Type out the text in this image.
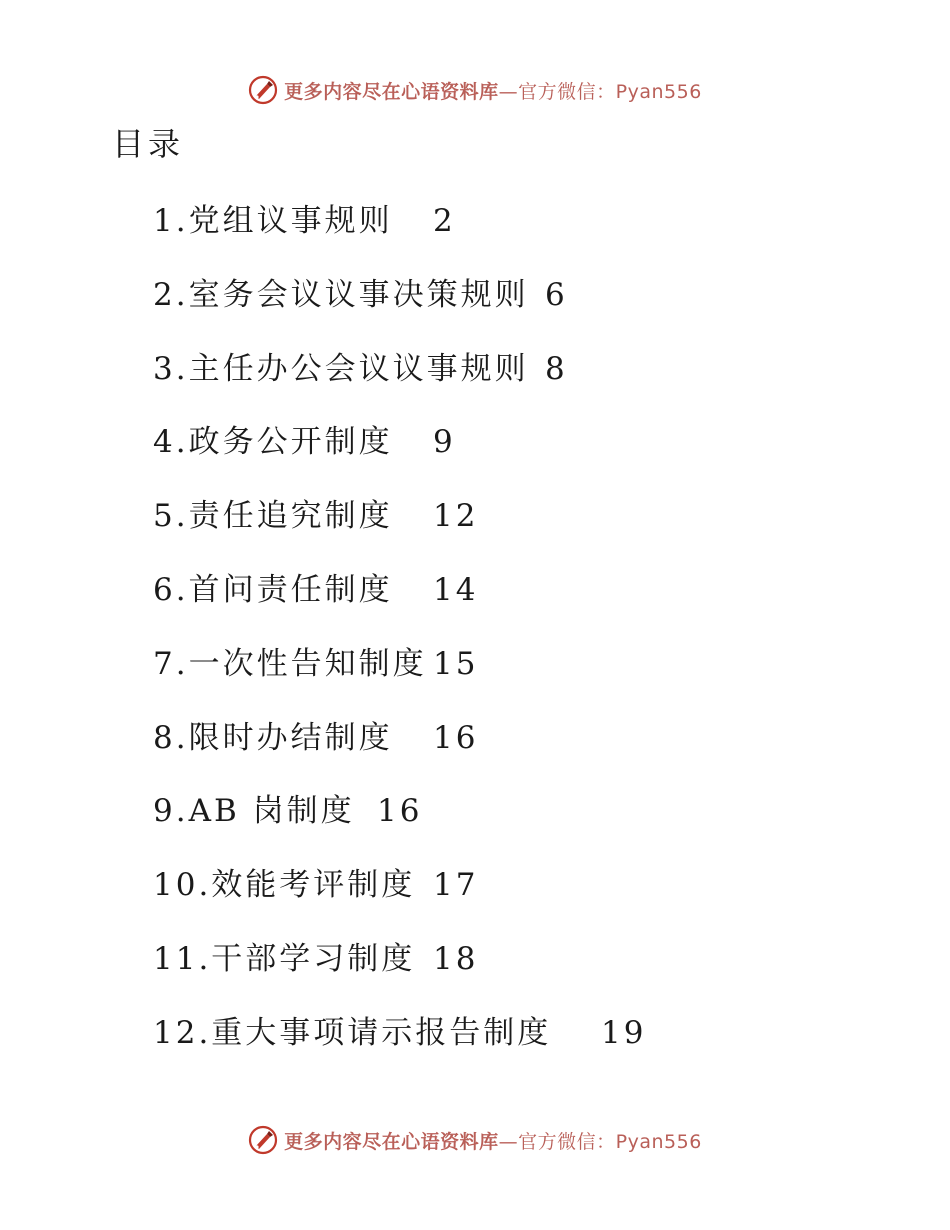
更多内容尽在心语资料库—官方微信：Pyan556
目录
1.党组议事规则	2
2.室务会议议事决策规则 6
3.主任办公会议议事规则 8
4.政务公开制度	9
5.责任追究制度	12
6.首问责任制度	14
7.一次性告知制度 15
8.限时办结制度	16
9.AB 岗制度 16
10.效能考评制度 17
11.干部学习制度 18
12.重大事项请示报告制度	19
更多内容尽在心语资料库—官方微信：Pyan556
